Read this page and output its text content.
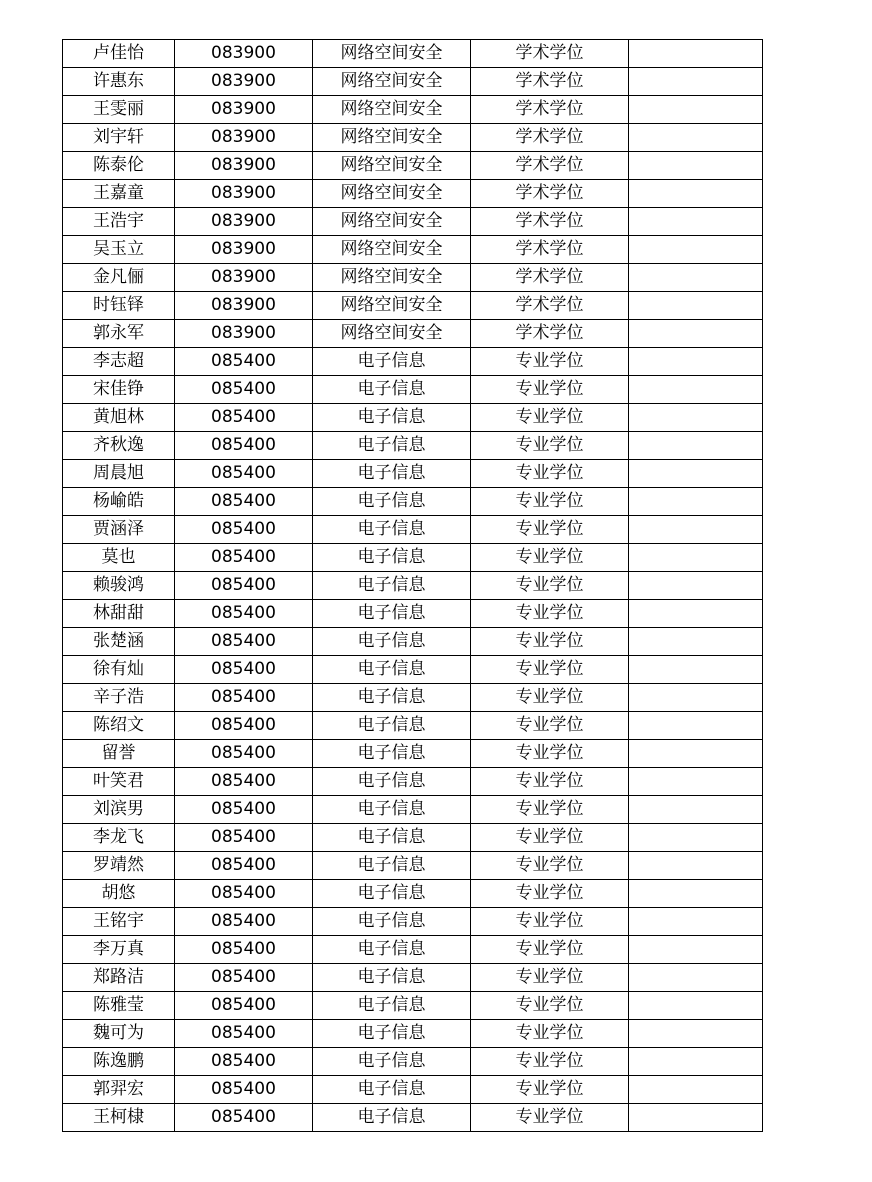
卢佳怡	083900	网络空间安全	学术学位	
许惠东	083900	网络空间安全	学术学位	
王雯丽	083900	网络空间安全	学术学位	
刘宇轩	083900	网络空间安全	学术学位	
陈泰伦	083900	网络空间安全	学术学位	
王嘉童	083900	网络空间安全	学术学位	
王浩宇	083900	网络空间安全	学术学位	
吴玉立	083900	网络空间安全	学术学位	
金凡俪	083900	网络空间安全	学术学位	
时钰铎	083900	网络空间安全	学术学位	
郭永军	083900	网络空间安全	学术学位	
李志超	085400	电子信息	专业学位	
宋佳铮	085400	电子信息	专业学位	
黄旭林	085400	电子信息	专业学位	
齐秋逸	085400	电子信息	专业学位	
周晨旭	085400	电子信息	专业学位	
杨崳皓	085400	电子信息	专业学位	
贾涵泽	085400	电子信息	专业学位	
莫也	085400	电子信息	专业学位	
赖骏鸿	085400	电子信息	专业学位	
林甜甜	085400	电子信息	专业学位	
张楚涵	085400	电子信息	专业学位	
徐有灿	085400	电子信息	专业学位	
辛子浩	085400	电子信息	专业学位	
陈绍文	085400	电子信息	专业学位	
留誉	085400	电子信息	专业学位	
叶笑君	085400	电子信息	专业学位	
刘滨男	085400	电子信息	专业学位	
李龙飞	085400	电子信息	专业学位	
罗靖然	085400	电子信息	专业学位	
胡悠	085400	电子信息	专业学位	
王铭宇	085400	电子信息	专业学位	
李万真	085400	电子信息	专业学位	
郑路洁	085400	电子信息	专业学位	
陈雅莹	085400	电子信息	专业学位	
魏可为	085400	电子信息	专业学位	
陈逸鹏	085400	电子信息	专业学位	
郭羿宏	085400	电子信息	专业学位	
王柯棣	085400	电子信息	专业学位	
